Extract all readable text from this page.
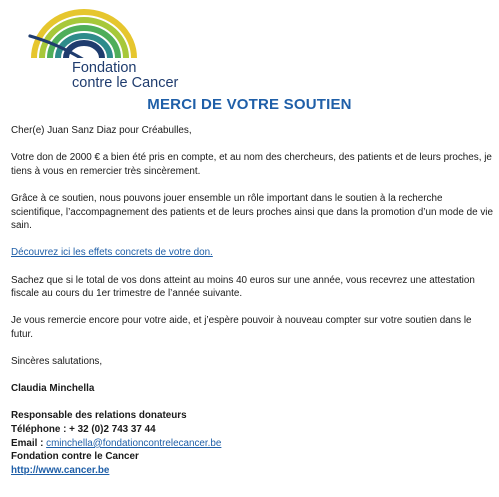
Fondation
contre le Cancer
MERCI DE VOTRE SOUTIEN

Cher(e) Juan Sanz Diaz pour Créabulles,

Votre don de 2000 € a bien été pris en compte, et au nom des chercheurs, des patients et de leurs proches, je tiens à vous en remercier très sincèrement.

Grâce à ce soutien, nous pouvons jouer ensemble un rôle important dans le soutien à la recherche scientifique, l’accompagnement des patients et de leurs proches ainsi que dans la promotion d’un mode de vie sain.

Découvrez ici les effets concrets de votre don.

Sachez que si le total de vos dons atteint au moins 40 euros sur une année, vous recevrez une attestation fiscale au cours du 1er trimestre de l’année suivante.

Je vous remercie encore pour votre aide, et j’espère pouvoir à nouveau compter sur votre soutien dans le futur.

Sincères salutations,

Claudia Minchella

Responsable des relations donateurs

Téléphone : + 32 (0)2 743 37 44

Email : cminchella@fondationcontrelecancer.be

Fondation contre le Cancer

http://www.cancer.be
